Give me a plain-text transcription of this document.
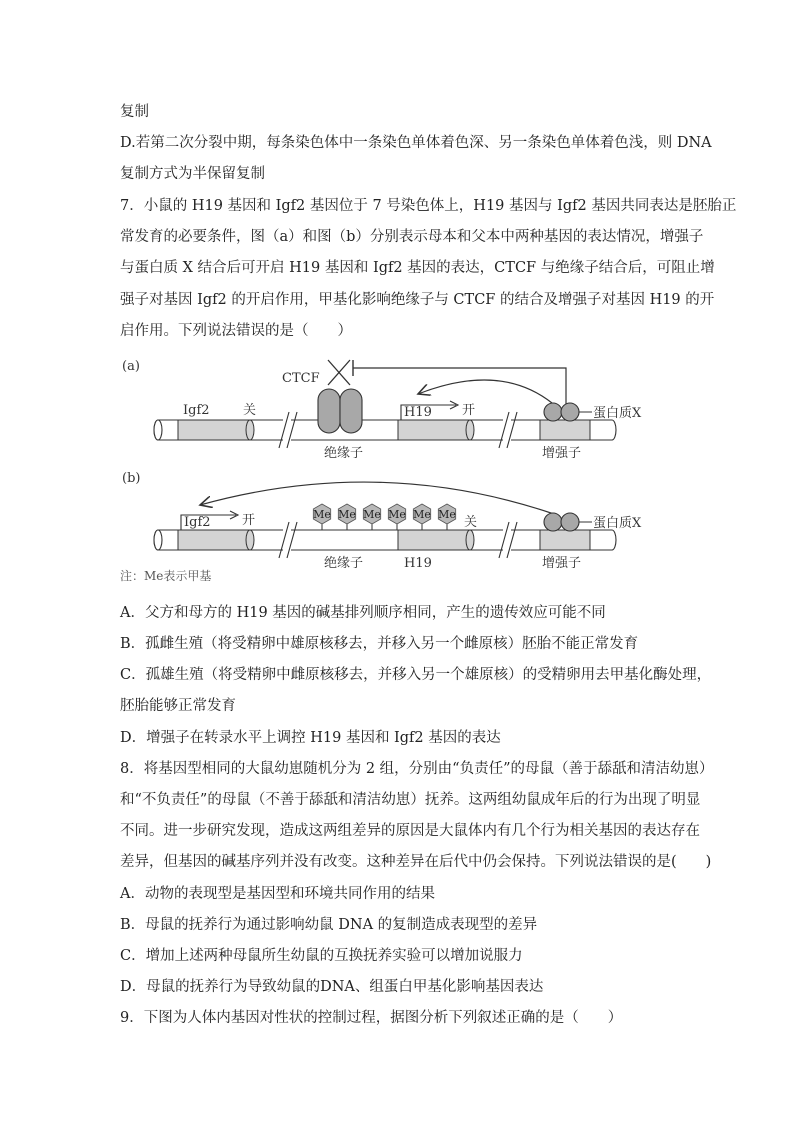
复制
D.若第二次分裂中期，每条染色体中一条染色单体着色深、另一条染色单体着色浅，则 DNA
复制方式为半保留复制
7．小鼠的 H19 基因和 Igf2 基因位于 7 号染色体上，H19 基因与 Igf2 基因共同表达是胚胎正
常发育的必要条件，图（a）和图（b）分别表示母本和父本中两种基因的表达情况，增强子
与蛋白质 X 结合后可开启 H19 基因和 Igf2 基因的表达，CTCF 与绝缘子结合后，可阻止增
强子对基因 Igf2 的开启作用，甲基化影响绝缘子与 CTCF 的结合及增强子对基因 H19 的开
启作用。下列说法错误的是（　　）
(a)
Igf2	关
CTCF
H19 开	蛋白质X
绝缘子	增强子
(b)
Igf2 开	Me Me Me Me Me Me
关	蛋白质X
绝缘子	H19	增强子
注：Me表示甲基
A．父方和母方的 H19 基因的碱基排列顺序相同，产生的遗传效应可能不同
B．孤雌生殖（将受精卵中雄原核移去，并移入另一个雌原核）胚胎不能正常发育
C．孤雄生殖（将受精卵中雌原核移去，并移入另一个雄原核）的受精卵用去甲基化酶处理，
胚胎能够正常发育
D．增强子在转录水平上调控 H19 基因和 Igf2 基因的表达
8．将基因型相同的大鼠幼崽随机分为 2 组，分别由“负责任”的母鼠（善于舔舐和清洁幼崽）
和“不负责任”的母鼠（不善于舔舐和清洁幼崽）抚养。这两组幼鼠成年后的行为出现了明显
不同。进一步研究发现，造成这两组差异的原因是大鼠体内有几个行为相关基因的表达存在
差异，但基因的碱基序列并没有改变。这种差异在后代中仍会保持。下列说法错误的是(　　)
A．动物的表现型是基因型和环境共同作用的结果
B．母鼠的抚养行为通过影响幼鼠 DNA 的复制造成表现型的差异
C．增加上述两种母鼠所生幼鼠的互换抚养实验可以增加说服力
D．母鼠的抚养行为导致幼鼠的DNA、组蛋白甲基化影响基因表达
9．下图为人体内基因对性状的控制过程，据图分析下列叙述正确的是（　　）
